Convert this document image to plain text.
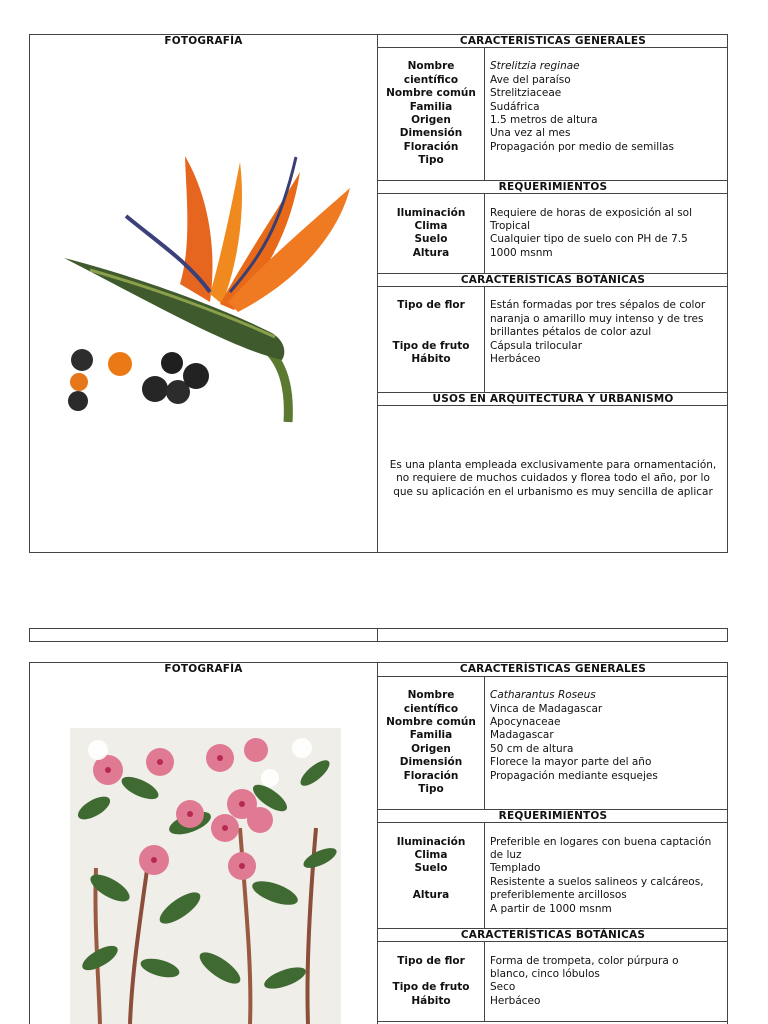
FOTOGRAFÍA	CARACTERÍSTICAS GENERALES
Nombre
científico
Nombre común
Familia
Origen
Dimensión
Floración
Tipo
Strelitzia reginae
Ave del paraíso
Strelitziaceae
Sudáfrica
1.5 metros de altura
Una vez al mes
Propagación por medio de semillas
REQUERIMIENTOS
Iluminación
Clima
Suelo
Altura
Requiere de horas de exposición al sol
Tropical
Cualquier tipo de suelo con PH de 7.5
1000 msnm
CARACTERÍSTICAS BOTÁNICAS
Tipo de flor
Tipo de fruto
Hábito
Están formadas por tres sépalos de color
naranja o amarillo muy intenso y de tres
brillantes pétalos de color azul
Cápsula trilocular
Herbáceo
USOS EN ARQUITECTURA Y URBANISMO
Es una planta empleada exclusivamente para ornamentación,
no requiere de muchos cuidados y florea todo el año, por lo
que su aplicación en el urbanismo es muy sencilla de aplicar
FOTOGRAFÍA	CARACTERÍSTICAS GENERALES
Nombre
científico
Nombre común
Familia
Origen
Dimensión
Floración
Tipo
Catharantus Roseus
Vinca de Madagascar
Apocynaceae
Madagascar
50 cm de altura
Florece la mayor parte del año
Propagación mediante esquejes
REQUERIMIENTOS
Iluminación
Clima
Suelo
Altura
Preferible en logares con buena captación
de luz
Templado
Resistente a suelos salineos y calcáreos,
preferiblemente arcillosos
A partir de 1000 msnm
CARACTERÍSTICAS BOTÁNICAS
Tipo de flor
Tipo de fruto
Hábito
Forma de trompeta, color púrpura o
blanco, cinco lóbulos
Seco
Herbáceo
